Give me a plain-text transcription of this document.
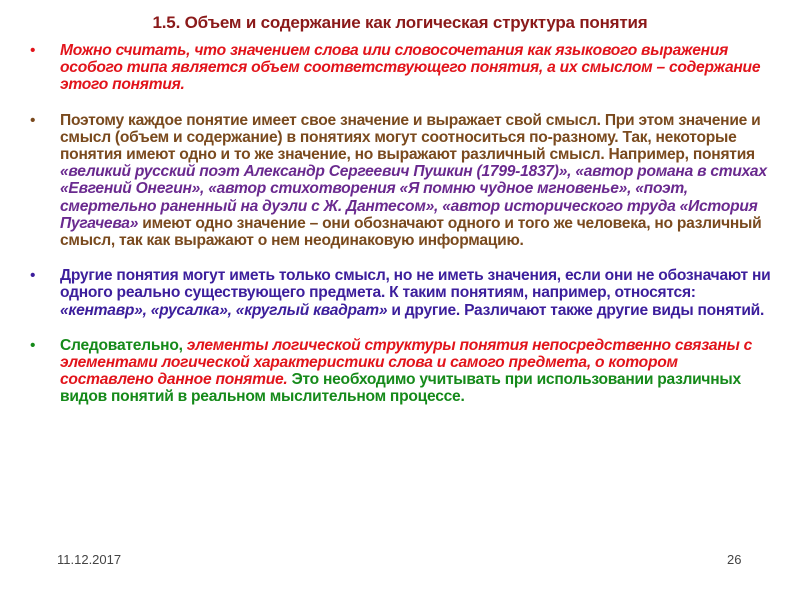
1.5. Объем и содержание как логическая структура понятия
• Можно считать, что значением слова или словосочетания как языкового выражения особого типа является объем соответствующего понятия, а их смыслом – содержание этого понятия.
• Поэтому каждое понятие имеет свое значение и выражает свой смысл. При этом значение и смысл (объем и содержание) в понятиях могут соотноситься по-разному. Так, некоторые понятия имеют одно и то же значение, но выражают различный смысл. Например, понятия «великий русский поэт Александр Сергеевич Пушкин (1799-1837)», «автор романа в стихах «Евгений Онегин», «автор стихотворения «Я помню чудное мгновенье», «поэт, смертельно раненный на дуэли с Ж. Дантесом», «автор исторического труда «История Пугачева» имеют одно значение – они обозначают одного и того же человека, но различный смысл, так как выражают о нем неодинаковую информацию.
• Другие понятия могут иметь только смысл, но не иметь значения, если они не обозначают ни одного реально существующего предмета. К таким понятиям, например, относятся: «кентавр», «русалка», «круглый квадрат» и другие. Различают также другие виды понятий.
• Следовательно, элементы логической структуры понятия непосредственно связаны с элементами логической характеристики слова и самого предмета, о котором составлено данное понятие. Это необходимо учитывать при использовании различных видов понятий в реальном мыслительном процессе.
11.12.2017	26
